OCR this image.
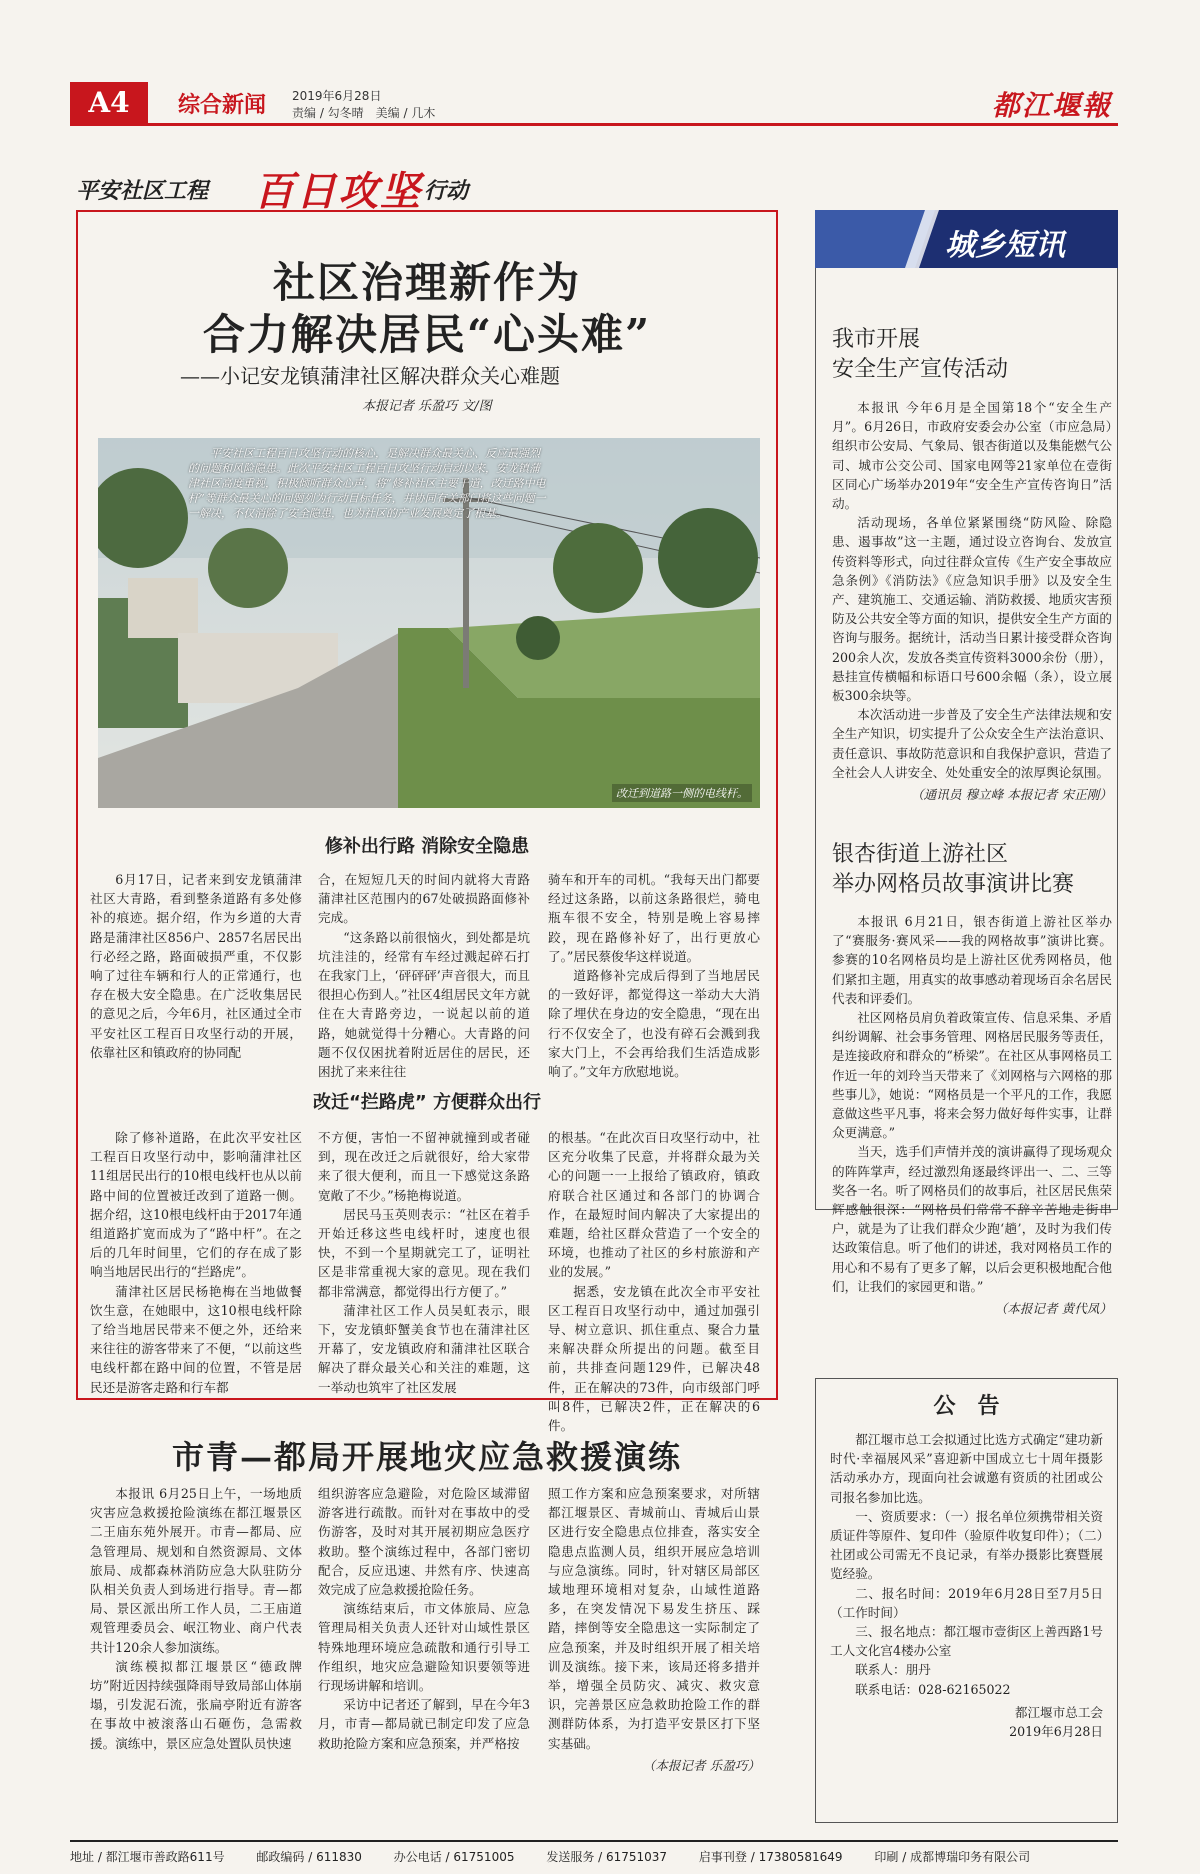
A4	综合新闻 2019年6月28日
责编 / 勾冬晴　美编 / 几木	都江堰報
平安社区工程 百日攻坚 行动
社区治理新作为
合力解决居民“心头难”
——小记安龙镇蒲津社区解决群众关心难题
本报记者 乐盈巧 文/图
平安社区工程百日攻坚行动的核心，是解决群众最关心、反应最强烈的问题和风险隐患。此次平安社区工程百日攻坚行动启动以来，安龙镇蒲津社区高度重视，积极倾听群众心声，将“修补社区主要干道，改迁路中电杆”等群众最关心的问题列为行动目标任务，并协同有关部门将这些问题一一解决，不仅消除了安全隐患，也为社区的产业发展奠定了根基。
改迁到道路一侧的电线杆。
修补出行路 消除安全隐患

6月17日，记者来到安龙镇蒲津社区大青路，看到整条道路有多处修补的痕迹。据介绍，作为乡道的大青路是蒲津社区856户、2857名居民出行必经之路，路面破损严重，不仅影响了过往车辆和行人的正常通行，也存在极大安全隐患。在广泛收集居民的意见之后，今年6月，社区通过全市平安社区工程百日攻坚行动的开展，依靠社区和镇政府的协同配

合，在短短几天的时间内就将大青路蒲津社区范围内的67处破损路面修补完成。

“这条路以前很恼火，到处都是坑坑洼洼的，经常有车经过溅起碎石打在我家门上，‘砰砰砰’声音很大，而且很担心伤到人。”社区4组居民文年方就住在大青路旁边，一说起以前的道路，她就觉得十分糟心。大青路的问题不仅仅困扰着附近居住的居民，还困扰了来来往往

骑车和开车的司机。“我每天出门都要经过这条路，以前这条路很烂，骑电瓶车很不安全，特别是晚上容易摔跤，现在路修补好了，出行更放心了。”居民蔡俊华这样说道。

道路修补完成后得到了当地居民的一致好评，都觉得这一举动大大消除了埋伏在身边的安全隐患，“现在出行不仅安全了，也没有碎石会溅到我家大门上，不会再给我们生活造成影响了。”文年方欣慰地说。

改迁“拦路虎” 方便群众出行

除了修补道路，在此次平安社区工程百日攻坚行动中，影响蒲津社区11组居民出行的10根电线杆也从以前路中间的位置被迁改到了道路一侧。据介绍，这10根电线杆由于2017年通组道路扩宽而成为了“路中杆”。在之后的几年时间里，它们的存在成了影响当地居民出行的“拦路虎”。

蒲津社区居民杨艳梅在当地做餐饮生意，在她眼中，这10根电线杆除了给当地居民带来不便之外，还给来来往往的游客带来了不便，“以前这些电线杆都在路中间的位置，不管是居民还是游客走路和行车都

不方便，害怕一不留神就撞到或者碰到，现在改迁之后就很好，给大家带来了很大便利，而且一下感觉这条路宽敞了不少。”杨艳梅说道。

居民马玉英则表示：“社区在着手开始迁移这些电线杆时，速度也很快，不到一个星期就完工了，证明社区是非常重视大家的意见。现在我们都非常满意，都觉得出行方便了。”

蒲津社区工作人员吴虹表示，眼下，安龙镇虾蟹美食节也在蒲津社区开幕了，安龙镇政府和蒲津社区联合解决了群众最关心和关注的难题，这一举动也筑牢了社区发展

的根基。“在此次百日攻坚行动中，社区充分收集了民意，并将群众最为关心的问题一一上报给了镇政府，镇政府联合社区通过和各部门的协调合作，在最短时间内解决了大家提出的难题，给社区群众营造了一个安全的环境，也推动了社区的乡村旅游和产业的发展。”

据悉，安龙镇在此次全市平安社区工程百日攻坚行动中，通过加强引导、树立意识、抓住重点、聚合力量来解决群众所提出的问题。截至目前，共排查问题129件，已解决48件，正在解决的73件，向市级部门呼叫8件，已解决2件，正在解决的6件。

市青—都局开展地灾应急救援演练

本报讯 6月25日上午，一场地质灾害应急救援抢险演练在都江堰景区二王庙东苑外展开。市青—都局、应急管理局、规划和自然资源局、文体旅局、成都森林消防应急大队驻防分队相关负责人到场进行指导。青—都局、景区派出所工作人员，二王庙道观管理委员会、岷江物业、商户代表共计120余人参加演练。

演练模拟都江堰景区“德政牌坊”附近因持续强降雨导致局部山体崩塌，引发泥石流，张扁亭附近有游客在事故中被滚落山石砸伤，急需救援。演练中，景区应急处置队员快速

组织游客应急避险，对危险区域滞留游客进行疏散。而针对在事故中的受伤游客，及时对其开展初期应急医疗救助。整个演练过程中，各部门密切配合，反应迅速、井然有序、快速高效完成了应急救援抢险任务。

演练结束后，市文体旅局、应急管理局相关负责人还针对山域性景区特殊地理环境应急疏散和通行引导工作组织，地灾应急避险知识要领等进行现场讲解和培训。

采访中记者还了解到，早在今年3月，市青—都局就已制定印发了应急救助抢险方案和应急预案，并严格按

照工作方案和应急预案要求，对所辖都江堰景区、青城前山、青城后山景区进行安全隐患点位排查，落实安全隐患点监测人员，组织开展应急培训与应急演练。同时，针对辖区局部区域地理环境相对复杂，山域性道路多，在突发情况下易发生挤压、踩踏，摔倒等安全隐患这一实际制定了应急预案，并及时组织开展了相关培训及演练。接下来，该局还将多措并举，增强全员防灾、减灾、救灾意识，完善景区应急救助抢险工作的群测群防体系，为打造平安景区打下坚实基础。

（本报记者 乐盈巧）
城乡短讯
我市开展
安全生产宣传活动

本报讯 今年6月是全国第18个“安全生产月”。6月26日，市政府安委会办公室（市应急局）组织市公安局、气象局、银杏街道以及集能燃气公司、城市公交公司、国家电网等21家单位在壹街区同心广场举办2019年“安全生产宣传咨询日”活动。

活动现场，各单位紧紧围绕“防风险、除隐患、遏事故”这一主题，通过设立咨询台、发放宣传资料等形式，向过往群众宣传《生产安全事故应急条例》《消防法》《应急知识手册》以及安全生产、建筑施工、交通运输、消防救援、地质灾害预防及公共安全等方面的知识，提供安全生产方面的咨询与服务。据统计，活动当日累计接受群众咨询200余人次，发放各类宣传资料3000余份（册），悬挂宣传横幅和标语口号600余幅（条），设立展板300余块等。

本次活动进一步普及了安全生产法律法规和安全生产知识，切实提升了公众安全生产法治意识、责任意识、事故防范意识和自我保护意识，营造了全社会人人讲安全、处处重安全的浓厚舆论氛围。

（通讯员 穆立峰 本报记者 宋正刚）
银杏街道上游社区
举办网格员故事演讲比赛

本报讯 6月21日，银杏街道上游社区举办了“赛服务·赛风采——我的网格故事”演讲比赛。参赛的10名网格员均是上游社区优秀网格员，他们紧扣主题，用真实的故事感动着现场百余名居民代表和评委们。

社区网格员肩负着政策宣传、信息采集、矛盾纠纷调解、社会事务管理、网格居民服务等责任，是连接政府和群众的“桥梁”。在社区从事网格员工作近一年的刘玲当天带来了《刘网格与六网格的那些事儿》，她说：“网格员是一个平凡的工作，我愿意做这些平凡事，将来会努力做好每件实事，让群众更满意。”

当天，选手们声情并茂的演讲赢得了现场观众的阵阵掌声，经过激烈角逐最终评出一、二、三等奖各一名。听了网格员们的故事后，社区居民焦荣辉感触很深：“网格员们常常不辞辛苦地走街串户，就是为了让我们群众少跑‘趟’，及时为我们传达政策信息。听了他们的讲述，我对网格员工作的用心和不易有了更多了解，以后会更积极地配合他们，让我们的家园更和谐。”

（本报记者 黄代凤）
公　告

都江堰市总工会拟通过比选方式确定“建功新时代·幸福展风采”喜迎新中国成立七十周年摄影活动承办方，现面向社会诚邀有资质的社团或公司报名参加比选。

一、资质要求：（一）报名单位须携带相关资质证件等原件、复印件（验原件收复印件）；（二）社团或公司需无不良记录，有举办摄影比赛暨展览经验。

二、报名时间：2019年6月28日至7月5日（工作时间）

三、报名地点：都江堰市壹街区上善西路1号工人文化宫4楼办公室

联系人：朋丹

联系电话：028-62165022

都江堰市总工会
2019年6月28日
地址 / 都江堰市善政路611号	邮政编码 / 611830	办公电话 / 61751005	发送服务 / 61751037	启事刊登 / 17380581649	印刷 / 成都博瑞印务有限公司
